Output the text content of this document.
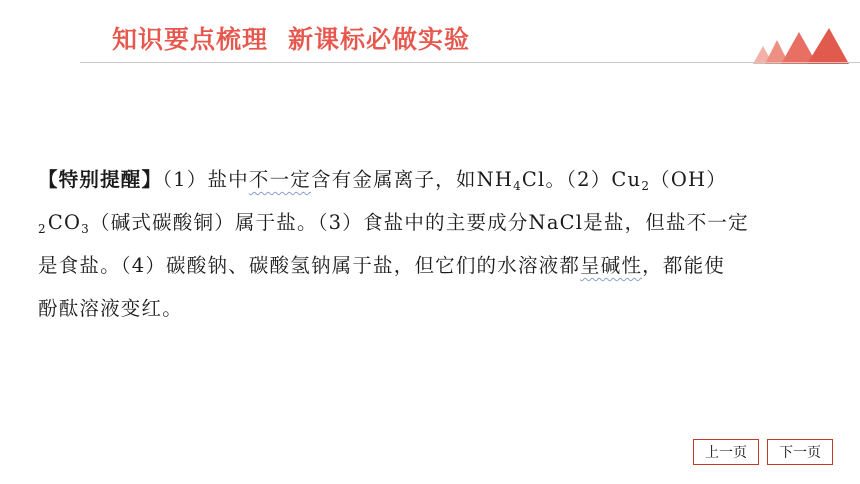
知识要点梳理 新课标必做实验
【特别提醒】（1）盐中不一定含有金属离子，如$NH_4Cl$。$(2)Cu_2(OH)$
$_2CO_3$（碱式碳酸铜）属于盐。（3）食盐中的主要成分NaCl是盐，但盐不一定
是食盐。（4）碳酸钠、碳酸氢钠属于盐，但它们的水溶液都呈碱性，都能使
酚酞溶液变红。
上一页	下一页
